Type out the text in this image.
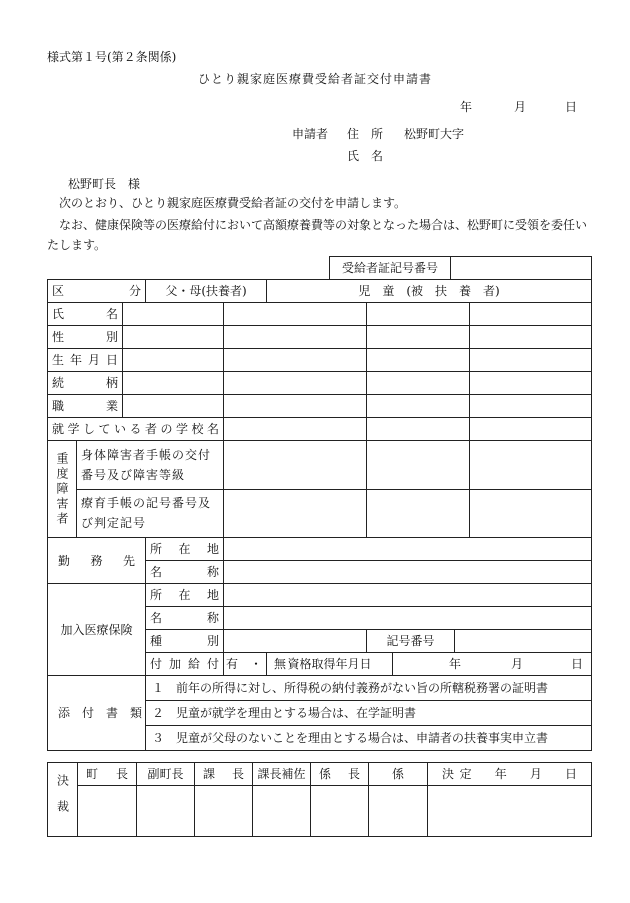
様式第１号(第２条関係)
ひとり親家庭医療費受給者証交付申請書
年	月	日
申請者 住　所 松野町大字
氏　名
松野町長　様
次のとおり、ひとり親家庭医療費受給者証の交付を申請します。
なお、健康保険等の医療給付において高額療養費等の対象となった場合は、松野町に受領を委任いたします。
受給者証記号番号	
区　　分			父・母(扶養者)		児　童　(被　扶　養　者)				
氏　名									
性　別									
生年月日									
続　柄									
職　業									
就学している者の学校名									
重度障害者	身体障害者手帳の交付番号及び障害等級								
	療育手帳の記号番号及び判定記号								
勤　務　先			所　在　地						
			名　　称						
加入医療保険			所　在　地						
			名　　称						
			種　　別			記号番号			
			付加給付	有　・　無	資格取得年月日		年 月 日		
添　付　書　類			１　前年の所得に対し、所得税の納付義務がない旨の所轄税務署の証明書						
			２　児童が就学を理由とする場合は、在学証明書						
			３　児童が父母のないことを理由とする場合は、申請者の扶養事実申立書						
決裁	町　長	副町長	課　長	課長補佐	係　長	係	決定　年　月　日
